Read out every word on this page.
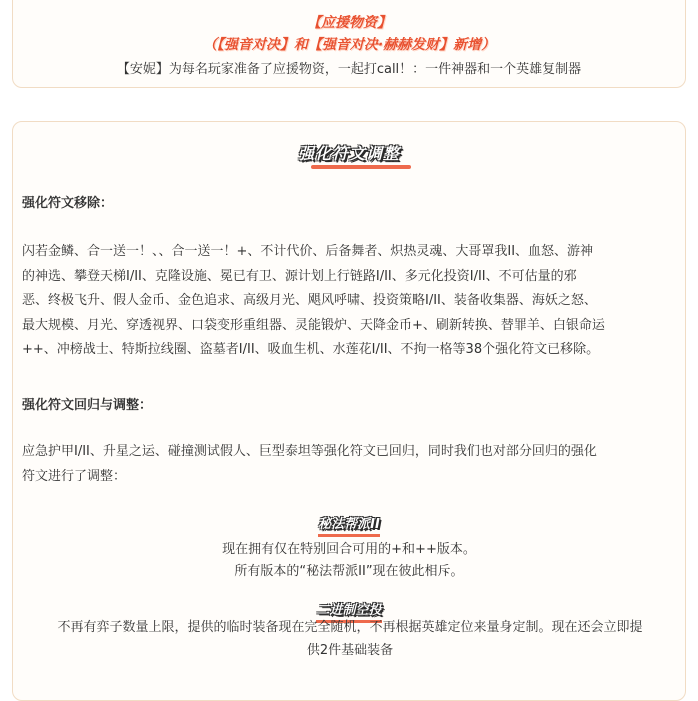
【应援物资】
（【强音对决】和【强音对决·赫赫发财】新增）
【安妮】为每名玩家准备了应援物资，一起打call！：一件神器和一个英雄复制器
强化符文调整
强化符文移除：
闪若金鳞、合一送一！、、合一送一！+、不计代价、后备舞者、炽热灵魂、大哥罩我II、血怒、游神
的神选、攀登天梯I/II、克隆设施、冕已有卫、源计划上行链路I/II、多元化投资I/II、不可估量的邪
恶、终极飞升、假人金币、金色追求、高级月光、飓风呼啸、投资策略I/II、装备收集器、海妖之怒、
最大规模、月光、穿透视界、口袋变形重组器、灵能锻炉、天降金币+、刷新转换、替罪羊、白银命运
++、冲榜战士、特斯拉线圈、盗墓者I/II、吸血生机、水莲花I/II、不拘一格等38个强化符文已移除。
强化符文回归与调整：
应急护甲I/II、升星之运、碰撞测试假人、巨型泰坦等强化符文已回归，同时我们也对部分回归的强化
符文进行了调整：
秘法帮派II
现在拥有仅在特别回合可用的+和++版本。
所有版本的“秘法帮派II”现在彼此相斥。
二进制空投
不再有弈子数量上限，提供的临时装备现在完全随机，不再根据英雄定位来量身定制。现在还会立即提
供2件基础装备
